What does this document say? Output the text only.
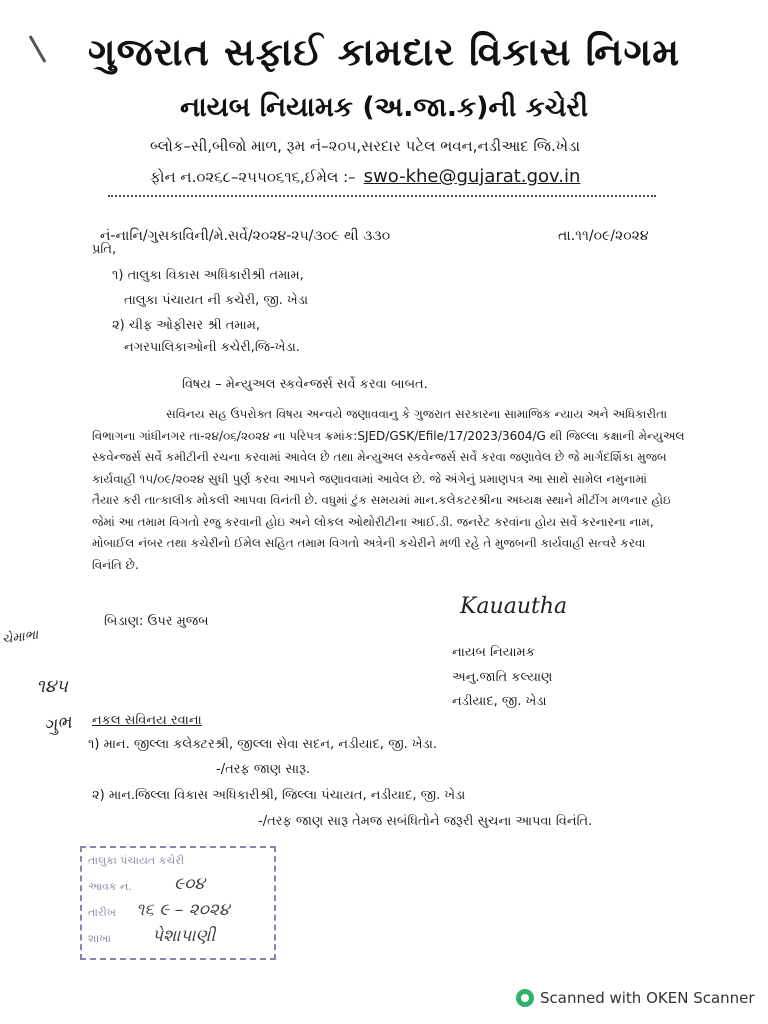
ગુજરાત સફાઈ કામદાર વિકાસ નિગમ
નાયબ નિયામક (અ.જા.ક)ની કચેરી
બ્લોક–સી,બીજો માળ, રૂમ નં–૨૦૫,સરદાર પટેલ ભવન,નડીઆદ જિ.ખેડા
ફોન ન.૦૨૬૮–૨૫૫૦૬૧૬,ઈમેલ :– swo-khe@gujarat.gov.in
નં-નાનિ/ગુસકાવિની/મે.સર્વે/૨૦૨૪-૨૫/૩૦૯ થી ૩૩૦	તા.૧૧/૦૯/૨૦૨૪
પ્રતિ,
૧) તાલુકા વિકાસ અધિકારીશ્રી તમામ,
તાલુકા પંચાયત ની કચેરી, જી. ખેડા
૨) ચીફ ઓફીસર શ્રી તમામ,
નગરપાલિકાઓની કચેરી,જિ-ખેડા.
વિષય – મેન્યુઅલ સ્કવેન્જર્સ સર્વે કરવા બાબત.
સવિનય સહ ઉપરોક્ત વિષય અન્વયે જણાવવાનુ કે ગુજરાત સરકારના સામાજિક ન્યાય અને અધિકારીતા
વિભાગના ગાંધીનગર તા-૨૪/૦૬/૨૦૨૪ ના પરિપત્ર ક્રમાંક:SJED/GSK/Efile/17/2023/3604/G થી જિલ્લા કક્ષાની મેન્યુઅલ
સ્કવેન્જર્સ સર્વે કમીટીની રચના કરવામાં આવેલ છે તથા મેન્યુઅલ સ્કવેન્જર્સ સર્વે કરવા જણાવેલ છે જે માર્ગદર્શિકા મુજબ
કાર્યવાહી ૧૫/૦૯/૨૦૨૪ સુધી પુર્ણ કરવા આપને જણાવવામાં આવેલ છે. જે અંગેનું પ્રમાણપત્ર આ સાથે સામેલ નમુનામાં
તૈયાર કરી તાત્કાલીક મોકલી આપવા વિનંતી છે. વધુમાં ટુંક સમયમાં માન.કલેકટરશ્રીના અધ્યક્ષ સ્થાને મીટીંગ મળનાર હોઇ
જેમાં આ તમામ વિગતો રજુ કરવાની હોઇ અને લોકલ ઓથોરીટીના આઈ.ડી. જનરેટ કરવાંના હોય સર્વે કરનારના નામ,
મોબાઈલ નંબર તથા કચેરીનો ઈમેલ સહિત તમામ વિગતો અત્રેની કચેરીને મળી રહે તે મુજબની કાર્યવાહી સત્વરે કરવા
વિનંતિ છે.
બિડાણ: ઉપર મુજબ
Kauautha
નાયબ નિયામક
અનુ.જાતિ કલ્યાણ
નડીયાદ, જી. ખેડા
ચેમાભા
૧૪૫
ગુભ નકલ સવિનય રવાના
૧) માન. જીલ્લા કલેક્ટરશ્રી, જીલ્લા સેવા સદન, નડીયાદ, જી. ખેડા.
-/તરફ જાણ સારૂ.
૨) માન.જિલ્લા વિકાસ અધિકારીશ્રી, જિલ્લા પંચાયત, નડીયાદ, જી. ખેડા
-/તરફ જાણ સારૂ તેમજ સબંધિતોને જરૂરી સુચના આપવા વિનંતિ.
તાલુકા પંચાયત કચેરી
આવક નં. ૯૦૪
તારીખ ૧૬ ૯ – ૨૦૨૪
શાખા પેશાપાણી
Scanned with OKEN Scanner
